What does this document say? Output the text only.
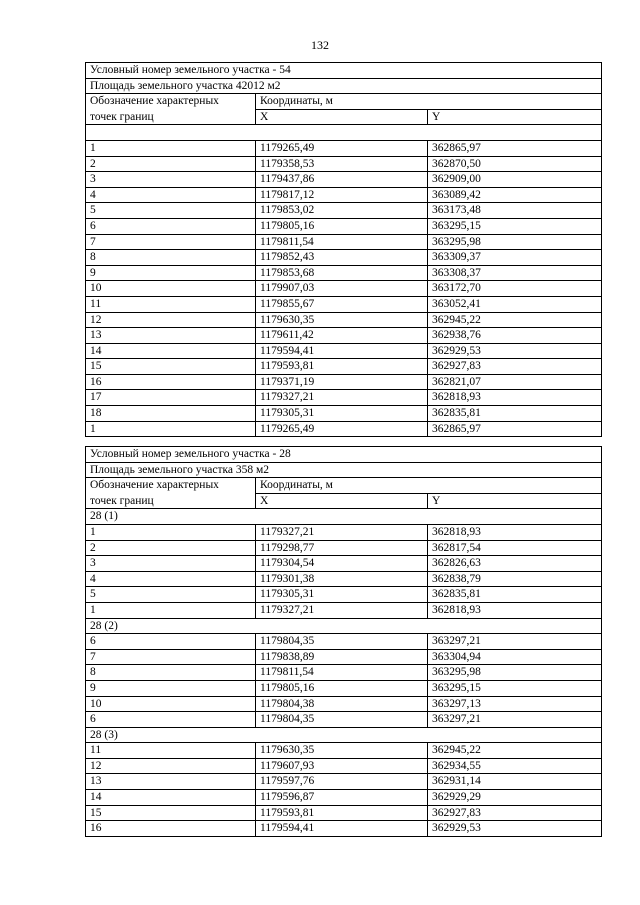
132
Условный номер земельного участка - 54		
Площадь земельного участка 42012 м2		
Обозначение характерных	Координаты, м	
точек границ	X	Y

1	1179265,49	362865,97
2	1179358,53	362870,50
3	1179437,86	362909,00
4	1179817,12	363089,42
5	1179853,02	363173,48
6	1179805,16	363295,15
7	1179811,54	363295,98
8	1179852,43	363309,37
9	1179853,68	363308,37
10	1179907,03	363172,70
11	1179855,67	363052,41
12	1179630,35	362945,22
13	1179611,42	362938,76
14	1179594,41	362929,53
15	1179593,81	362927,83
16	1179371,19	362821,07
17	1179327,21	362818,93
18	1179305,31	362835,81
1	1179265,49	362865,97
Условный номер земельного участка - 28		
Площадь земельного участка 358 м2		
Обозначение характерных	Координаты, м	
точек границ	X	Y
28 (1)		
1	1179327,21	362818,93
2	1179298,77	362817,54
3	1179304,54	362826,63
4	1179301,38	362838,79
5	1179305,31	362835,81
1	1179327,21	362818,93
28 (2)		
6	1179804,35	363297,21
7	1179838,89	363304,94
8	1179811,54	363295,98
9	1179805,16	363295,15
10	1179804,38	363297,13
6	1179804,35	363297,21
28 (3)		
11	1179630,35	362945,22
12	1179607,93	362934,55
13	1179597,76	362931,14
14	1179596,87	362929,29
15	1179593,81	362927,83
16	1179594,41	362929,53
